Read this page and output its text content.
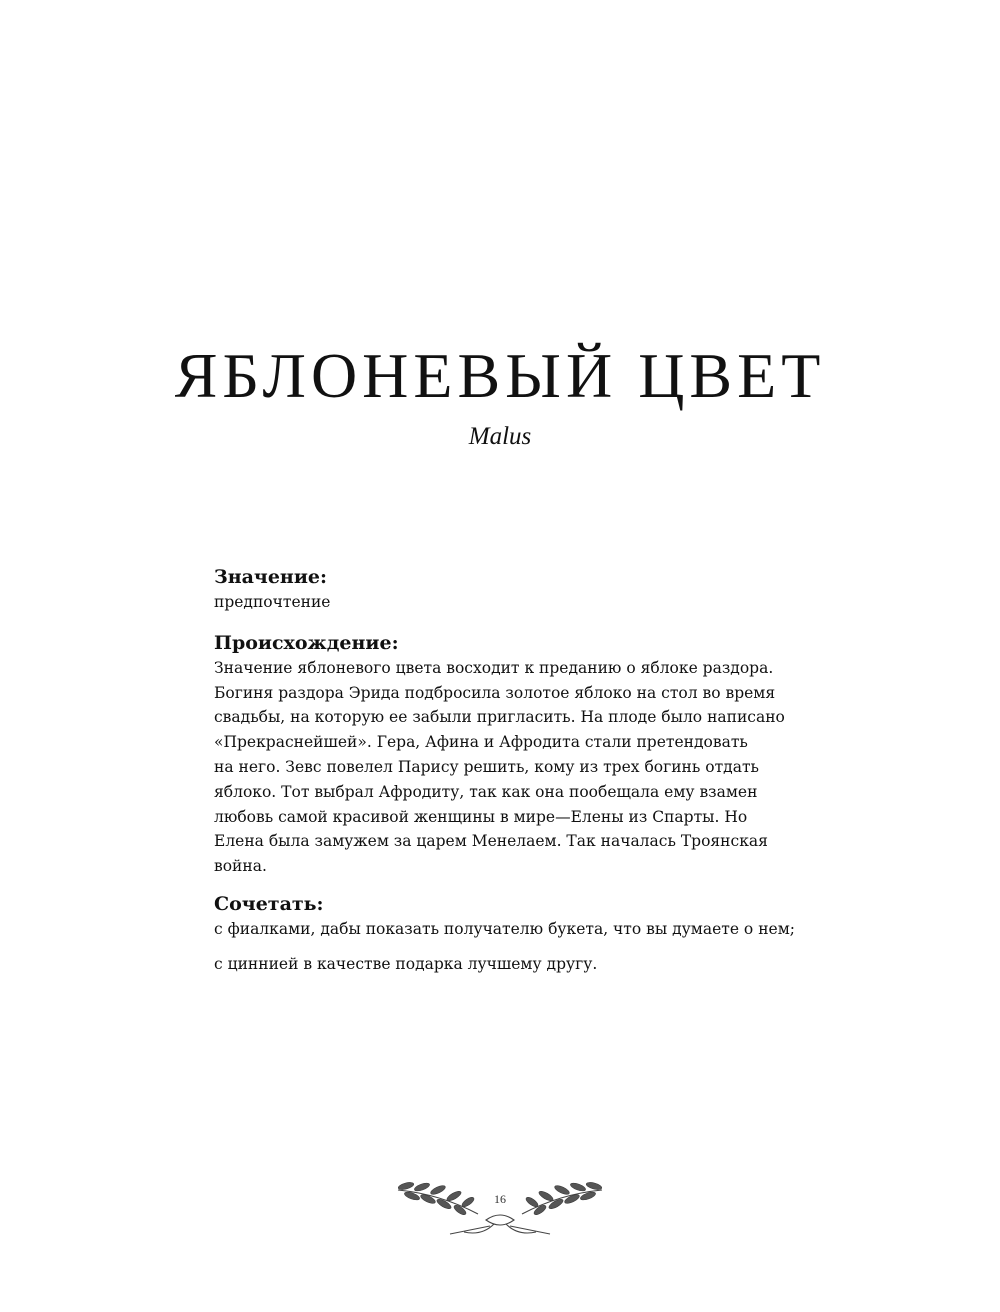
ЯБЛОНЕВЫЙ ЦВЕТ
Malus
Значение:
предпочтение
Происхождение:
Значение яблоневого цвета восходит к преданию о яблоке раздора.
Богиня раздора Эрида подбросила золотое яблоко на стол во время
свадьбы, на которую ее забыли пригласить. На плоде было написано
«Прекраснейшей». Гера, Афина и Афродита стали претендовать
на него. Зевс повелел Парису решить, кому из трех богинь отдать
яблоко. Тот выбрал Афродиту, так как она пообещала ему взамен
любовь самой красивой женщины в мире—Елены из Спарты. Но
Елена была замужем за царем Менелаем. Так началась Троянская
война.
Сочетать:
с фиалками, дабы показать получателю букета, что вы думаете о нем;
с циннией в качестве подарка лучшему другу.
16
